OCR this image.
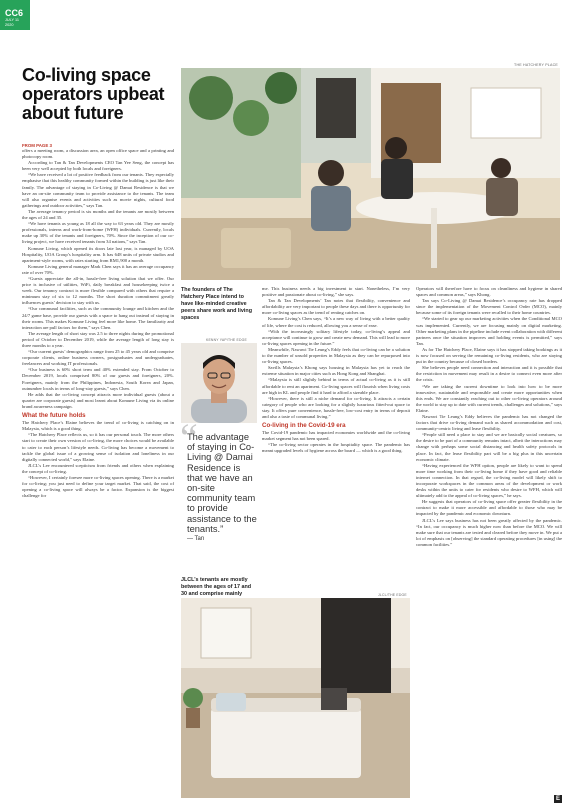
CC6
JULY 11
2020
Co-living space operators upbeat about future
FROM PAGE 3

offers a meeting room, a discussion area, an open office space and a printing and photocopy room.

According to Tan & Tan Developments CEO Tan Yee Seng, the concept has been very well accepted by both locals and foreigners.

“We have received a lot of positive feedback from our tenants. They especially emphasise that this healthy community formed within the building is just like their family. The advantage of staying in Co-Living @ Damai Residence is that we have an on-site community team to provide assistance to the tenants. The team will also organise events and activities such as movie nights, cultural food gatherings and outdoor activities,” says Tan.

The average tenancy period is six months and the tenants are mostly between the ages of 24 and 35.

“We have tenants as young as 18 all the way to 63 years old. They are mostly professionals, interns and work-from-home (WFH) individuals. Currently, locals make up 30% of the tenants and foreigners, 70%. Since the inception of our co-living project, we have received tenants from 34 nations,” says Tan.

Komune Living, which opened its doors late last year, is managed by UOA Hospitality, UOA Group’s hospitality arm. It has 648 units of private studios and apartment-style rooms, with rates starting from RM1,900 a month.

Komune Living general manager Mark Chen says it has an average occupancy rate of over 70%.

“Guests appreciate the all-in, hassle-free living solution that we offer. Our price is inclusive of utilities, WiFi, daily breakfast and housekeeping twice a week. Our tenancy contract is more flexible compared with others that require a minimum stay of six to 12 months. The short duration commitment greatly influences guests’ decision to stay with us.

“Our communal facilities, such as the community lounge and kitchen and the 24/7 game base, provide our guests with a space to hang out instead of staying in their rooms. This makes Komune Living feel more like home. The familiarity and interaction are pull factors for them,” says Chen.

The average length of short stay was 2.5 to three nights during the promotional period of October to December 2019, while the average length of long stay is three months to a year.

“Our current guests’ demographics range from 25 to 45 years old and comprise corporate clients, online business owners, postgraduates and undergraduates, freelancers and working IT professionals.

“Our business is 60% short term and 40% extended stay. From October to December 2019, locals comprised 80% of our guests and foreigners, 20%. Foreigners, mainly from the Philippines, Indonesia, South Korea and Japan, outnumber locals in terms of long-stay guests,” says Chen.

He adds that the co-living concept attracts more individual guests (about a quarter are corporate guests) and most learnt about Komune Living via its online brand awareness campaign.

What the future holds

The Hatchery Place’s Elaine believes the trend of co-living is catching on in Malaysia, which is a good thing.

“The Hatchery Place reflects us, so it has our personal touch. The more others start to create their own version of co-living, the more choices would be available to cater to each person’s lifestyle needs. Co-living has become a movement to tackle the global issue of a growing sense of isolation and loneliness in our digitally connected world,” says Elaine.

JLCL’s Lee encountered scepticism from friends and others when explaining the concept of co-living.

“However, I certainly foresee more co-living spaces opening. There is a market for co-living; you just need to define your target market. That said, the cost of opening a co-living space will always be a factor. Expansion is the biggest challenge for

THE HATCHERY PLACE
The founders of The Hatchery Place intend to have like-minded creative peers share work and living spaces
KENNY YAP/THE EDGE
“
The advantage of staying in Co-Living @ Damai Residence is that we have an on-site community team to provide assistance to the tenants.”
— Tan
JLCL’s tenants are mostly between the ages of 17 and 30 and comprise mainly

me. This business needs a big investment to start. Nonetheless, I’m very positive and passionate about co-living,” she says.

Tan & Tan Developments’ Tan notes that flexibility, convenience and affordability are very important to people these days and there is opportunity for more co-living spaces as the trend of renting catches on.

Komune Living’s Chen says, “It’s a new way of living with a better quality of life, where the cost is reduced, allowing you a sense of ease.

“With the increasingly solitary lifestyle today, co-living’s appeal and acceptance will continue to grow and create new demand. This will lead to more co-living spaces opening in the future.”

Meanwhile, Nawawi Tie Leung’s Eddy feels that co-living can be a solution to the number of unsold properties in Malaysia as they can be repurposed into co-living spaces.

Savills Malaysia’s Khong says housing in Malaysia has yet to reach the extreme situation in major cities such as Hong Kong and Shanghai.

“Malaysia is still slightly behind in terms of actual co-living as it is still affordable to rent an apartment. Co-living spaces will flourish when living costs are high in KL and people find it hard to afford a sizeable place.

“However, there is still a niche demand for co-living. It attracts a certain category of people who are looking for a slightly luxurious fitted-out space to stay. It offers pure convenience, hassle-free, low-cost entry in terms of deposit and also a taste of communal living.”

Co-living in the Covid-19 era

The Covid-19 pandemic has impacted economies worldwide and the co-living market segment has not been spared.

“The co-living sector operates in the hospitality space. The pandemic has meant upgraded levels of hygiene across the board — which is a good thing.

Operators will therefore have to focus on cleanliness and hygiene in shared spaces and common areas,” says Khong.

Tan says Co-Living @ Damai Residence’s occupancy rate has dropped since the implementation of the Movement Control Order (MCO), mainly because some of its foreign tenants were recalled to their home countries.

“We started to gear up our marketing activities when the Conditional MCO was implemented. Currently, we are focusing mainly on digital marketing. Other marketing plans in the pipeline include event collaboration with different partners once the situation improves and holding events is permitted,” says Tan.

As for The Hatchery Place, Elaine says it has stopped taking bookings as it is now focused on serving the remaining co-living residents, who are staying put in the country because of closed borders.

She believes people need connection and interaction and it is possible that the restriction in movement may result in a desire to connect even more after the crisis.

“We are taking the current downtime to look into how to be more innovative, sustainable and responsible and create more opportunities when this ends. We are constantly reaching out to other co-living operators around the world to stay up to date with current trends, challenges and solutions,” says Elaine.

Nawawi Tie Leung’s Eddy believes the pandemic has not changed the factors that drive co-living demand such as shared accommodation and cost, community-centric living and lease flexibility.

“People still need a place to stay and we are basically social creatures, so the desire to be part of a community remains intact, albeit the interactions may change with perhaps some social distancing and health safety protocols in place. In fact, the lease flexibility part will be a big plus in this uncertain economic climate.

“Having experienced the WFH option, people are likely to want to spend more time working from their co-living home if they have good and reliable internet connection. In that regard, the co-living model will likely shift to incorporate workspaces in the common areas of the development or work desks within the units to cater for residents who desire to WFH, which will ultimately add to the appeal of co-living spaces,” he says.

He suggests that operators of co-living space offer greater flexibility in the contract to make it more accessible and affordable to those who may be impacted by the pandemic and economic downturn.

JLCL’s Lee says business has not been greatly affected by the pandemic. “In fact, our occupancy is much higher now than before the MCO. We will make sure that our tenants are tested and cleared before they move in. We put a lot of emphasis on [observing] the standard operating procedures [in using] the common facilities.”

JLCL/THE EDGE
E
